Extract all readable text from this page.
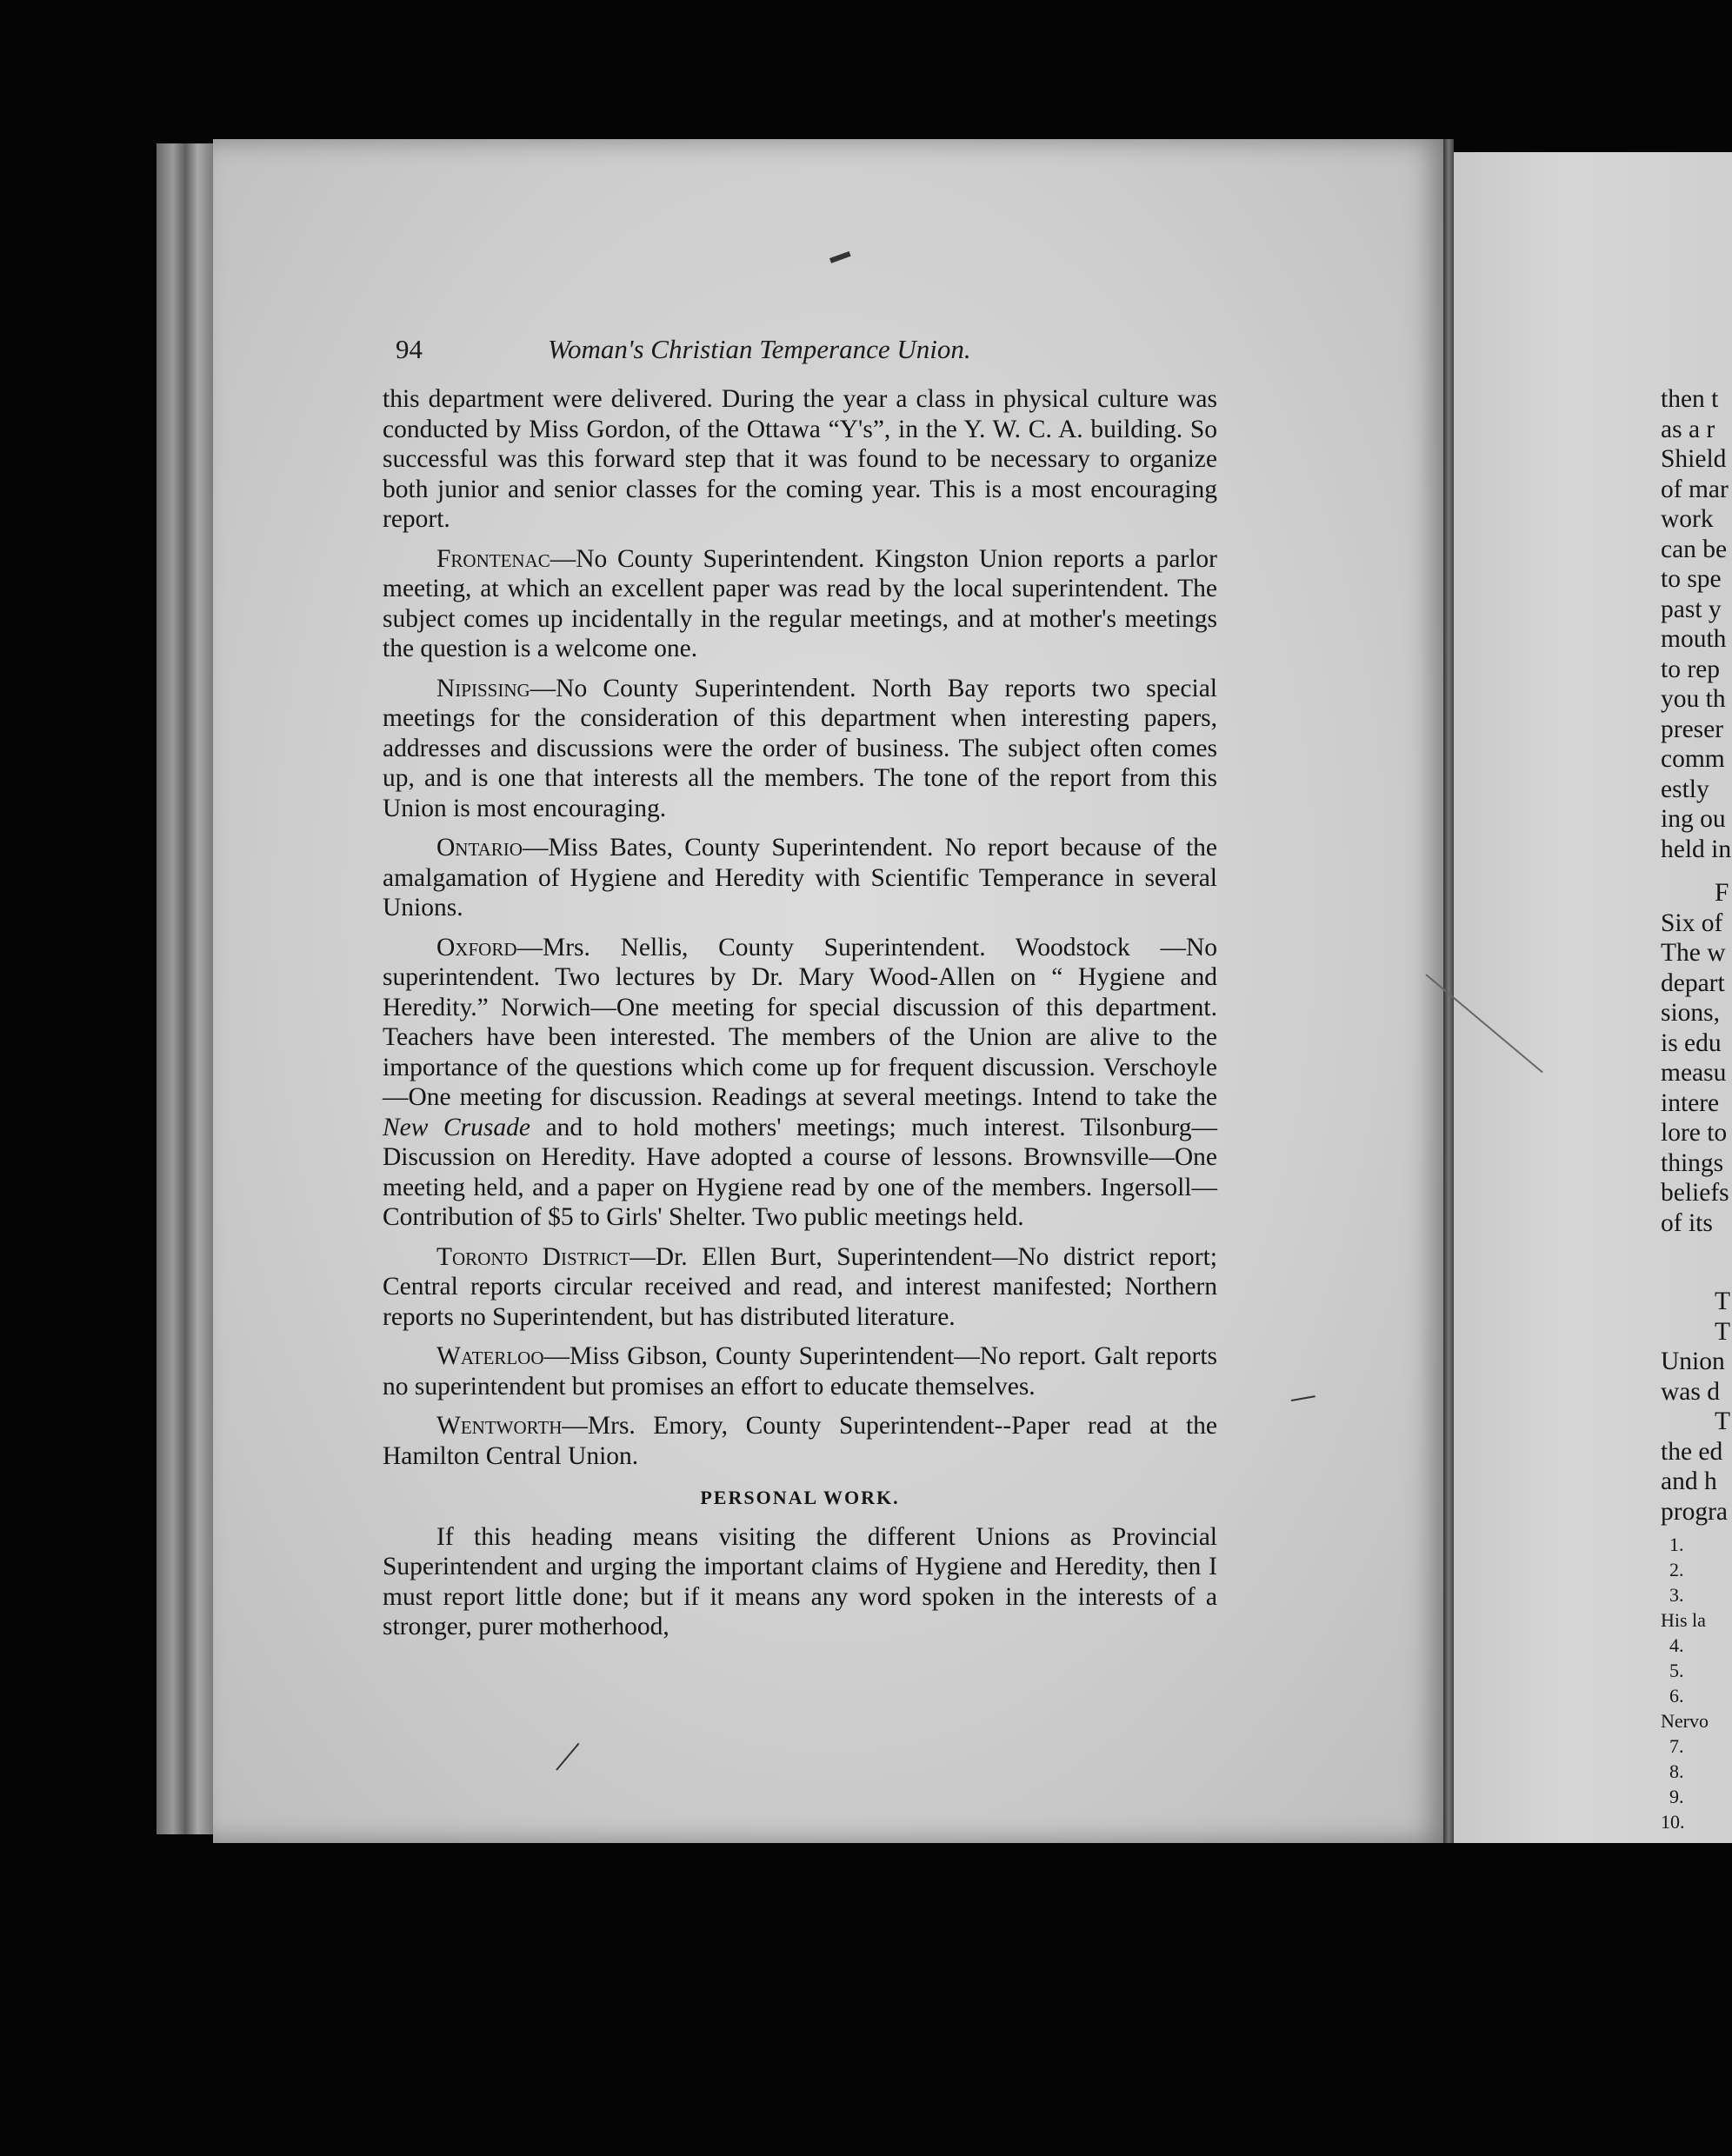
94	Woman's Christian Temperance Union.

this department were delivered. During the year a class in physical culture was conducted by Miss Gordon, of the Ottawa “Y's”, in the Y. W. C. A. building. So successful was this forward step that it was found to be necessary to organize both junior and senior classes for the coming year. This is a most encouraging report.

Frontenac—No County Superintendent. Kingston Union reports a parlor meeting, at which an excellent paper was read by the local superintendent. The subject comes up incidentally in the regular meetings, and at mother's meetings the question is a welcome one.

Nipissing—No County Superintendent. North Bay reports two special meetings for the consideration of this department when interesting papers, addresses and discussions were the order of business. The subject often comes up, and is one that interests all the members. The tone of the report from this Union is most encouraging.

Ontario—Miss Bates, County Superintendent. No report because of the amalgamation of Hygiene and Heredity with Scientific Temperance in several Unions.

Oxford—Mrs. Nellis, County Superintendent. Woodstock —No superintendent. Two lectures by Dr. Mary Wood-Allen on “ Hygiene and Heredity.” Norwich—One meeting for special discussion of this department. Teachers have been interested. The members of the Union are alive to the importance of the questions which come up for frequent discussion. Verschoyle—One meeting for discussion. Readings at several meetings. Intend to take the New Crusade and to hold mothers' meetings; much interest. Tilsonburg—Discussion on Heredity. Have adopted a course of lessons. Brownsville—One meeting held, and a paper on Hygiene read by one of the members. Ingersoll—Contribution of $5 to Girls' Shelter. Two public meetings held.

Toronto District—Dr. Ellen Burt, Superintendent—No district report; Central reports circular received and read, and interest manifested; Northern reports no Superintendent, but has distributed literature.

Waterloo—Miss Gibson, County Superintendent—No report. Galt reports no superintendent but promises an effort to educate themselves.

Wentworth—Mrs. Emory, County Superintendent--Paper read at the Hamilton Central Union.

PERSONAL WORK.

If this heading means visiting the different Unions as Provincial Superintendent and urging the important claims of Hygiene and Heredity, then I must report little done; but if it means any word spoken in the interests of a stronger, purer motherhood,

then t
as a r
Shield
of mar
work
can be
to spe
past y
mouth
to rep
you th
preser
comm
estly
ing ou
held in
F
Six of
The w
depart
sions,
is edu
measu
intere
lore to
things
beliefs
of its
T
T
Union
was d
T
the ed
and h
progra
1.
2.
3.
His la
4.
5.
6.
Nervo
7.
8.
9.
10.
